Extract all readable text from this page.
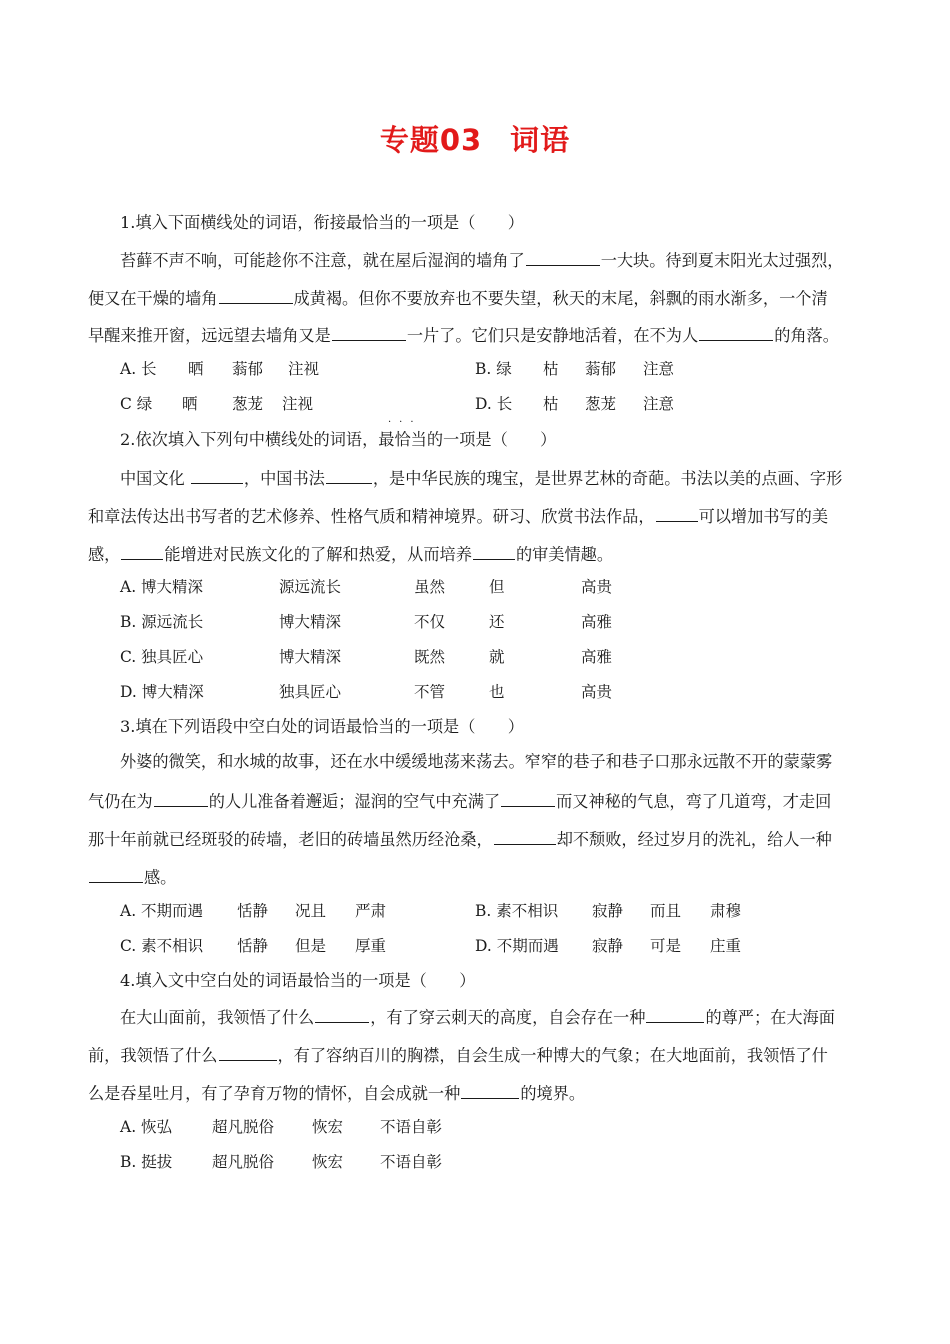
专题03 词语
1.填入下面横线处的词语，衔接最恰当的一项是（　　）
苔藓不声不响，可能趁你不注意，就在屋后湿润的墙角了	一大块。待到夏末阳光太过强烈，
便又在干燥的墙角	成黄褐。但你不要放弃也不要失望，秋天的末尾，斜飘的雨水渐多，一个清
早醒来推开窗，远远望去墙角又是	一片了。它们只是安静地活着，在不为人	的角落。
A. 长 晒 蓊郁 注视	B. 绿 枯 蓊郁 注意
C 绿 晒 葱茏 注视	D. 长 枯 葱茏 注意
···
2.依次填入下列句中横线处的词语，最恰当的一项是（　　）
中国文化	，中国书法	，是中华民族的瑰宝，是世界艺林的奇葩。书法以美的点画、字形
和章法传达出书写者的艺术修养、性格气质和精神境界。研习、欣赏书法作品，	可以增加书写的美
感，	能增进对民族文化的了解和热爱，从而培养	的审美情趣。
A. 博大精深	源远流长	虽然	但	高贵
B. 源远流长	博大精深	不仅	还	高雅
C. 独具匠心	博大精深	既然	就	高雅
D. 博大精深	独具匠心	不管	也	高贵
3.填在下列语段中空白处的词语最恰当的一项是（　　）
外婆的微笑，和水城的故事，还在水中缓缓地荡来荡去。窄窄的巷子和巷子口那永远散不开的蒙蒙雾
气仍在为	的人儿准备着邂逅；湿润的空气中充满了	而又神秘的气息，弯了几道弯，才走回
那十年前就已经斑驳的砖墙，老旧的砖墙虽然历经沧桑，	却不颓败，经过岁月的洗礼，给人一种
感。
A. 不期而遇 恬静 况且 严肃	B. 素不相识 寂静 而且 肃穆
C. 素不相识 恬静 但是 厚重	D. 不期而遇 寂静 可是 庄重
4.填入文中空白处的词语最恰当的一项是（　　）
在大山面前，我领悟了什么	，有了穿云刺天的高度，自会存在一种	的尊严；在大海面
前，我领悟了什么	，有了容纳百川的胸襟，自会生成一种博大的气象；在大地面前，我领悟了什
么是吞星吐月，有了孕育万物的情怀，自会成就一种	的境界。
A. 恢弘	超凡脱俗 恢宏 不语自彰
B. 挺拔	超凡脱俗 恢宏 不语自彰
